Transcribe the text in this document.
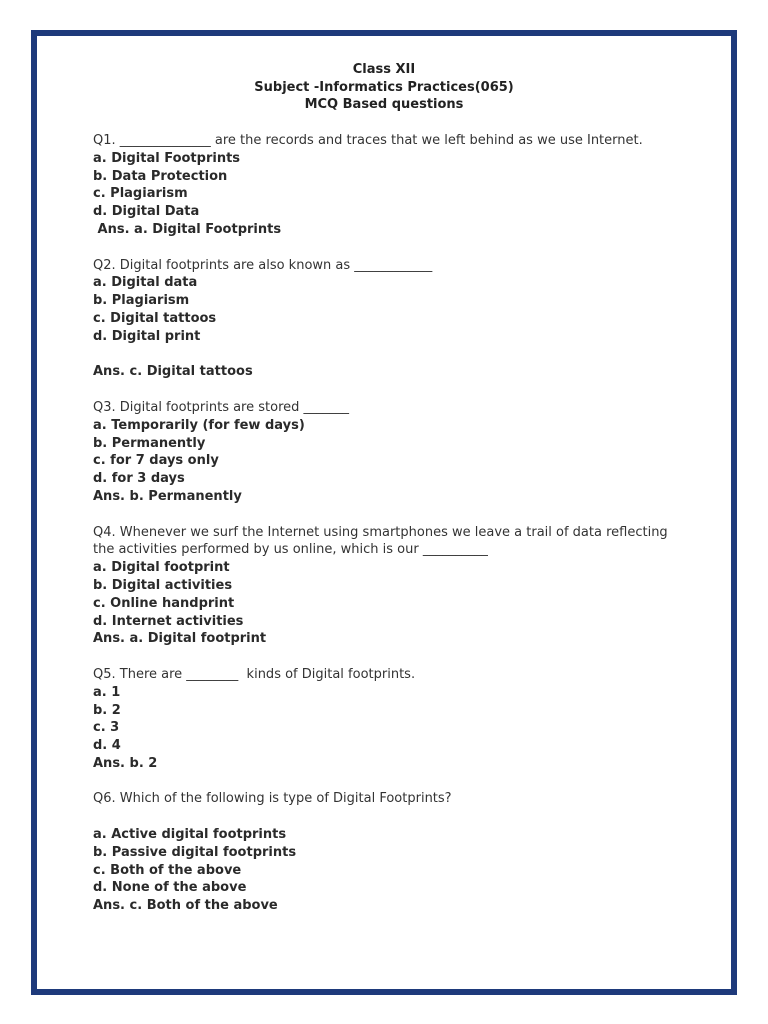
Class XII
Subject -Informatics Practices(065)
MCQ Based questions
Q1. ______________ are the records and traces that we left behind as we use Internet.
a. Digital Footprints
b. Data Protection
c. Plagiarism
d. Digital Data
Ans. a. Digital Footprints
Q2. Digital footprints are also known as ____________
a. Digital data
b. Plagiarism
c. Digital tattoos
d. Digital print
Ans. c. Digital tattoos
Q3. Digital footprints are stored _______
a. Temporarily (for few days)
b. Permanently
c. for 7 days only
d. for 3 days
Ans. b. Permanently
Q4. Whenever we surf the Internet using smartphones we leave a trail of data reflecting the activities performed by us online, which is our __________
a. Digital footprint
b. Digital activities
c. Online handprint
d. Internet activities
Ans. a. Digital footprint
Q5. There are ________  kinds of Digital footprints.
a. 1
b. 2
c. 3
d. 4
Ans. b. 2
Q6. Which of the following is type of Digital Footprints?
a. Active digital footprints
b. Passive digital footprints
c. Both of the above
d. None of the above
Ans. c. Both of the above
